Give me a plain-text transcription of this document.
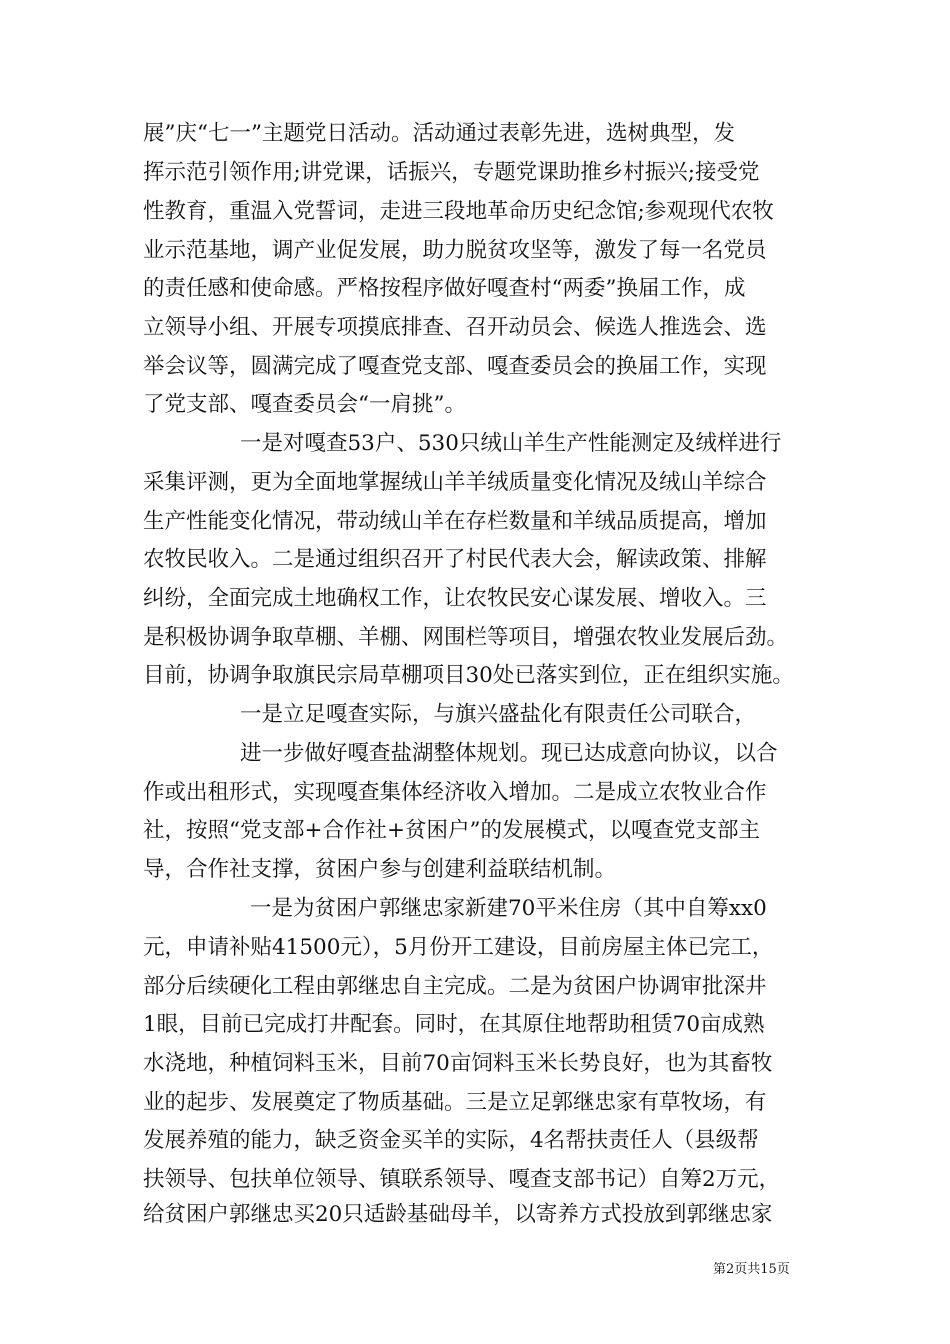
展”庆“七一”主题党日活动。活动通过表彰先进，选树典型，发
挥示范引领作用;讲党课，话振兴，专题党课助推乡村振兴;接受党
性教育，重温入党誓词，走进三段地革命历史纪念馆;参观现代农牧
业示范基地，调产业促发展，助力脱贫攻坚等，激发了每一名党员
的责任感和使命感。严格按程序做好嘎查村“两委”换届工作，成
立领导小组、开展专项摸底排查、召开动员会、候选人推选会、选
举会议等，圆满完成了嘎查党支部、嘎查委员会的换届工作，实现
了党支部、嘎查委员会“一肩挑”。
一是对嘎查53户、530只绒山羊生产性能测定及绒样进行
采集评测，更为全面地掌握绒山羊羊绒质量变化情况及绒山羊综合
生产性能变化情况，带动绒山羊在存栏数量和羊绒品质提高，增加
农牧民收入。二是通过组织召开了村民代表大会，解读政策、排解
纠纷，全面完成土地确权工作，让农牧民安心谋发展、增收入。三
是积极协调争取草棚、羊棚、网围栏等项目，增强农牧业发展后劲。
目前，协调争取旗民宗局草棚项目30处已落实到位，正在组织实施。
一是立足嘎查实际，与旗兴盛盐化有限责任公司联合，
进一步做好嘎查盐湖整体规划。现已达成意向协议，以合
作或出租形式，实现嘎查集体经济收入增加。二是成立农牧业合作
社，按照“党支部+合作社+贫困户”的发展模式，以嘎查党支部主
导，合作社支撑，贫困户参与创建利益联结机制。
一是为贫困户郭继忠家新建70平米住房（其中自筹xx0
元，申请补贴41500元），5月份开工建设，目前房屋主体已完工，
部分后续硬化工程由郭继忠自主完成。二是为贫困户协调审批深井
1眼，目前已完成打井配套。同时，在其原住地帮助租赁70亩成熟
水浇地，种植饲料玉米，目前70亩饲料玉米长势良好，也为其畜牧
业的起步、发展奠定了物质基础。三是立足郭继忠家有草牧场，有
发展养殖的能力，缺乏资金买羊的实际，4名帮扶责任人（县级帮
扶领导、包扶单位领导、镇联系领导、嘎查支部书记）自筹2万元，
给贫困户郭继忠买20只适龄基础母羊，以寄养方式投放到郭继忠家
第2页共15页
